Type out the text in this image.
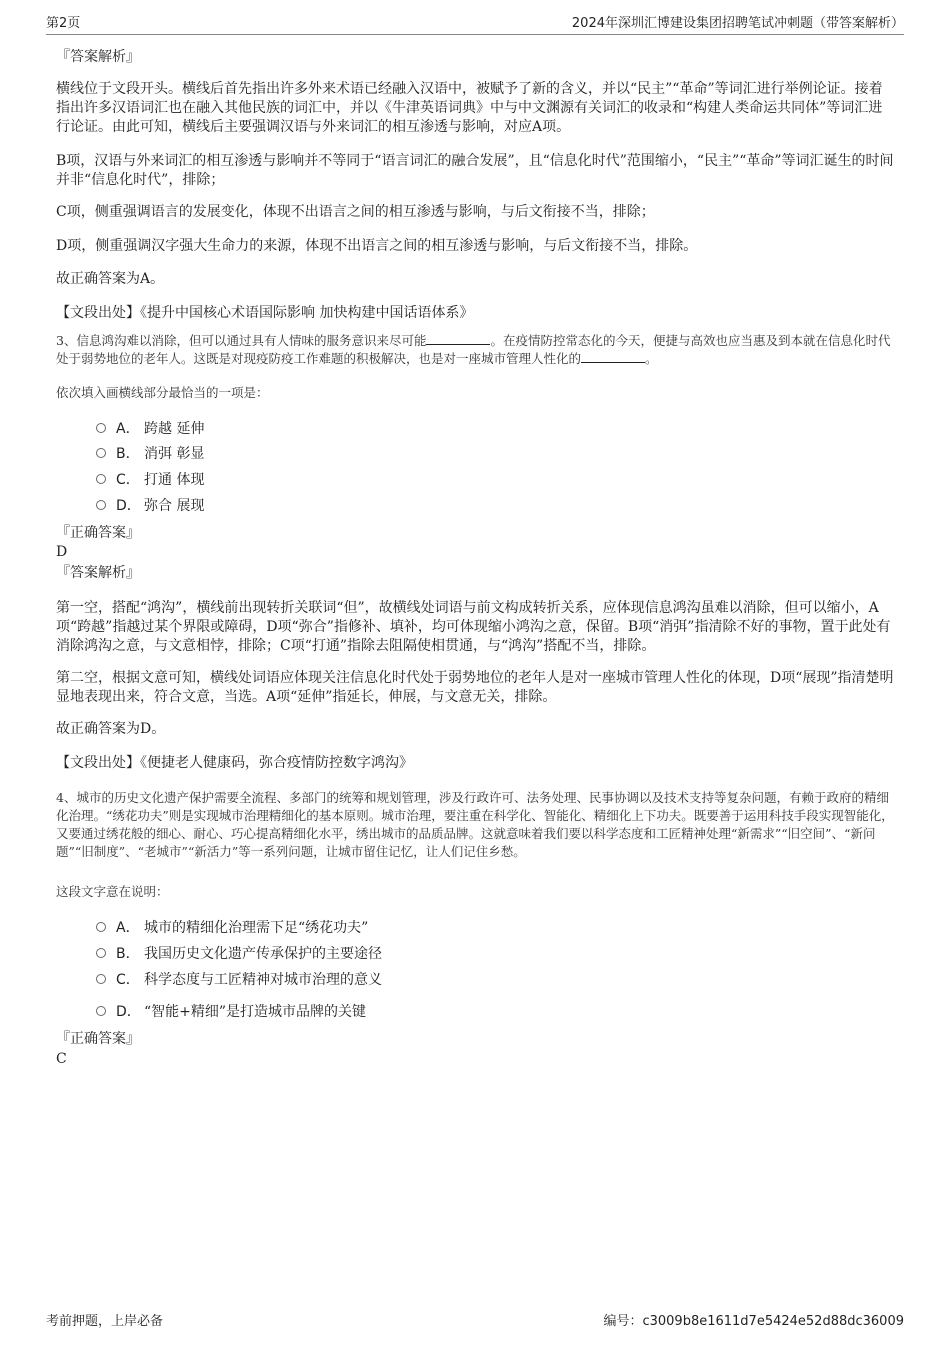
第2页	2024年深圳汇博建设集团招聘笔试冲刺题（带答案解析）
『答案解析』
横线位于文段开头。横线后首先指出许多外来术语已经融入汉语中，被赋予了新的含义，并以“民主”“革命”等词汇进行举例论证。接着指出许多汉语词汇也在融入其他民族的词汇中，并以《牛津英语词典》中与中文渊源有关词汇的收录和“构建人类命运共同体”等词汇进行论证。由此可知，横线后主要强调汉语与外来词汇的相互渗透与影响，对应A项。
B项，汉语与外来词汇的相互渗透与影响并不等同于“语言词汇的融合发展”，且“信息化时代”范围缩小，“民主”“革命”等词汇诞生的时间并非“信息化时代”，排除；
C项，侧重强调语言的发展变化，体现不出语言之间的相互渗透与影响，与后文衔接不当，排除；
D项，侧重强调汉字强大生命力的来源，体现不出语言之间的相互渗透与影响，与后文衔接不当，排除。
故正确答案为A。
【文段出处】《提升中国核心术语国际影响 加快构建中国话语体系》
3、信息鸿沟难以消除，但可以通过具有人情味的服务意识来尽可能	。在疫情防控常态化的今天，便捷与高效也应当惠及到本就在信息化时代处于弱势地位的老年人。这既是对现疫防疫工作难题的积极解决，也是对一座城市管理人性化的	。
依次填入画横线部分最恰当的一项是：
A． 跨越 延伸
B． 消弭 彰显
C． 打通 体现
D． 弥合 展现
『正确答案』
D
『答案解析』
第一空，搭配“鸿沟”，横线前出现转折关联词“但”，故横线处词语与前文构成转折关系，应体现信息鸿沟虽难以消除，但可以缩小，A项“跨越”指越过某个界限或障碍，D项“弥合”指修补、填补，均可体现缩小鸿沟之意，保留。B项“消弭”指清除不好的事物，置于此处有消除鸿沟之意，与文意相悖，排除；C项“打通”指除去阻隔使相贯通，与“鸿沟”搭配不当，排除。
第二空，根据文意可知，横线处词语应体现关注信息化时代处于弱势地位的老年人是对一座城市管理人性化的体现，D项“展现”指清楚明显地表现出来，符合文意，当选。A项“延伸”指延长，伸展，与文意无关，排除。
故正确答案为D。
【文段出处】《便捷老人健康码，弥合疫情防控数字鸿沟》
4、城市的历史文化遗产保护需要全流程、多部门的统筹和规划管理，涉及行政许可、法务处理、民事协调以及技术支持等复杂问题，有赖于政府的精细化治理。“绣花功夫”则是实现城市治理精细化的基本原则。城市治理，要注重在科学化、智能化、精细化上下功夫。既要善于运用科技手段实现智能化，又要通过绣花般的细心、耐心、巧心提高精细化水平，绣出城市的品质品牌。这就意味着我们要以科学态度和工匠精神处理“新需求”“旧空间”、“新问题”“旧制度”、“老城市”“新活力”等一系列问题，让城市留住记忆，让人们记住乡愁。
这段文字意在说明：
A． 城市的精细化治理需下足“绣花功夫”
B． 我国历史文化遗产传承保护的主要途径
C． 科学态度与工匠精神对城市治理的意义
D． “智能+精细”是打造城市品牌的关键
『正确答案』
C
考前押题，上岸必备	编号：c3009b8e1611d7e5424e52d88dc36009
